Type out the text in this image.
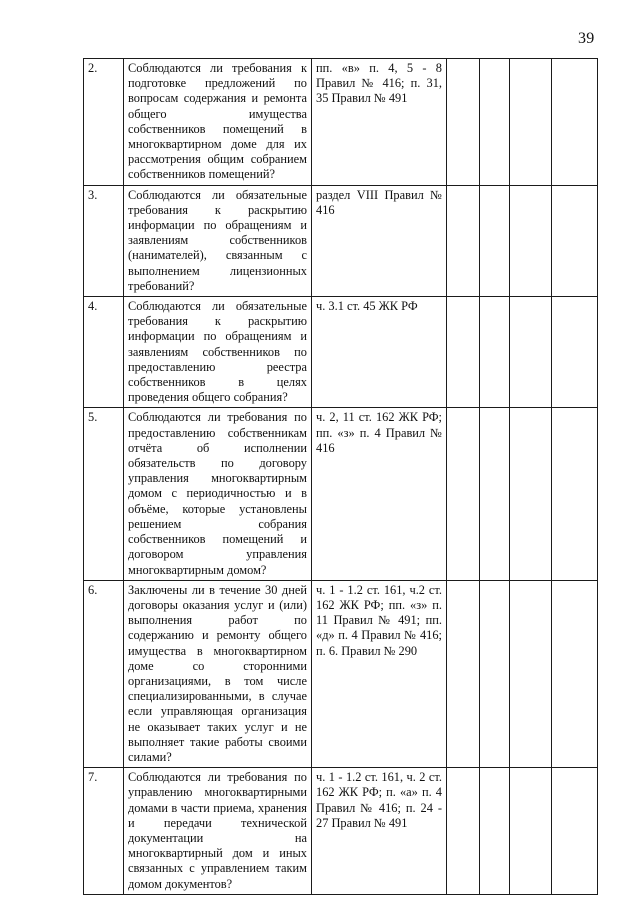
39
2.	Соблюдаются ли требования к подготовке предложений по вопросам содержания и ремонта общего имущества собственников помещений в многоквартирном доме для их рассмотрения общим собранием собственников помещений?	пп. «в» п. 4, 5 - 8 Правил № 416; п. 31, 35 Правил № 491				
3.	Соблюдаются ли обязательные требования к раскрытию информации по обращениям и заявлениям собственников (нанимателей), связанным с выполнением лицензионных требований?	раздел VIII Правил № 416				
4.	Соблюдаются ли обязательные требования к раскрытию информации по обращениям и заявлениям собственников по предоставлению реестра собственников в целях проведения общего собрания?	ч. 3.1 ст. 45 ЖК РФ				
5.	Соблюдаются ли требования по предоставлению собственникам отчёта об исполнении обязательств по договору управления многоквартирным домом с периодичностью и в объёме, которые установлены решением собрания собственников помещений и договором управления многоквартирным домом?	ч. 2, 11 ст. 162 ЖК РФ; пп. «з» п. 4 Правил № 416				
6.	Заключены ли в течение 30 дней договоры оказания услуг и (или) выполнения работ по содержанию и ремонту общего имущества в многоквартирном доме со сторонними организациями, в том числе специализированными, в случае если управляющая организация не оказывает таких услуг и не выполняет такие работы своими силами?	ч. 1 - 1.2 ст. 161, ч.2 ст. 162 ЖК РФ; пп. «з» п. 11 Правил № 491; пп. «д» п. 4 Правил № 416; п. 6. Правил № 290				
7.	Соблюдаются ли требования по управлению многоквартирными домами в части приема, хранения и передачи технической документации на многоквартирный дом и иных связанных с управлением таким домом документов?	ч. 1 - 1.2 ст. 161, ч. 2 ст. 162 ЖК РФ; п. «а» п. 4 Правил № 416; п. 24 - 27 Правил № 491				
